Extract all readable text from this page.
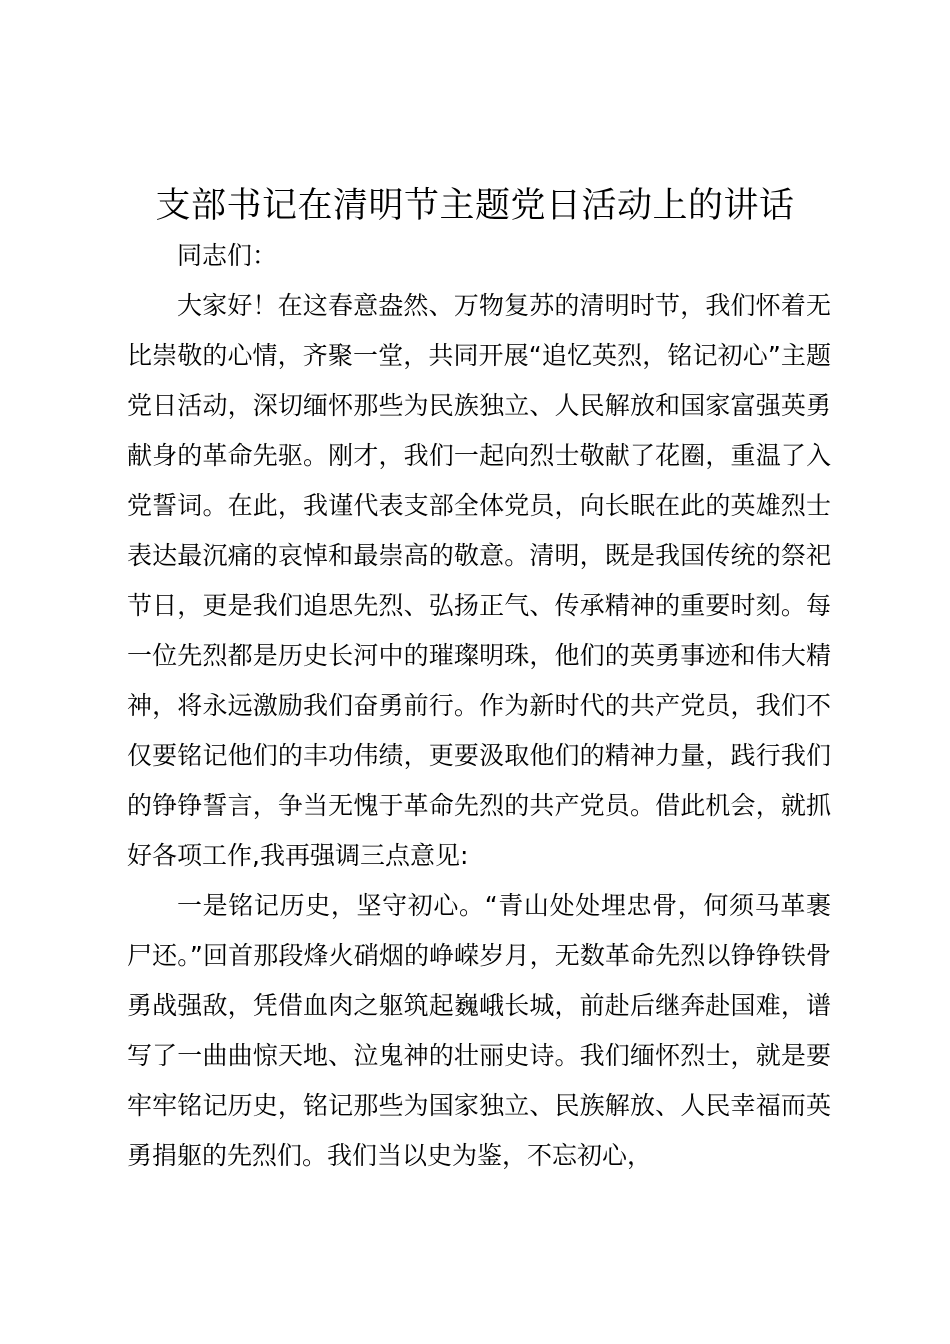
支部书记在清明节主题党日活动上的讲话

同志们：

大家好！在这春意盎然、万物复苏的清明时节，我们怀着无比崇敬的心情，齐聚一堂，共同开展“追忆英烈，铭记初心”主题党日活动，深切缅怀那些为民族独立、人民解放和国家富强英勇献身的革命先驱。刚才，我们一起向烈士敬献了花圈，重温了入党誓词。在此，我谨代表支部全体党员，向长眠在此的英雄烈士表达最沉痛的哀悼和最崇高的敬意。清明，既是我国传统的祭祀节日，更是我们追思先烈、弘扬正气、传承精神的重要时刻。每一位先烈都是历史长河中的璀璨明珠，他们的英勇事迹和伟大精神，将永远激励我们奋勇前行。作为新时代的共产党员，我们不仅要铭记他们的丰功伟绩，更要汲取他们的精神力量，践行我们的铮铮誓言，争当无愧于革命先烈的共产党员。借此机会，就抓好各项工作,我再强调三点意见:

一是铭记历史，坚守初心。“青山处处埋忠骨，何须马革裹尸还。”回首那段烽火硝烟的峥嵘岁月，无数革命先烈以铮铮铁骨勇战强敌，凭借血肉之躯筑起巍峨长城，前赴后继奔赴国难，谱写了一曲曲惊天地、泣鬼神的壮丽史诗。我们缅怀烈士，就是要牢牢铭记历史，铭记那些为国家独立、民族解放、人民幸福而英勇捐躯的先烈们。我们当以史为鉴，不忘初心，
